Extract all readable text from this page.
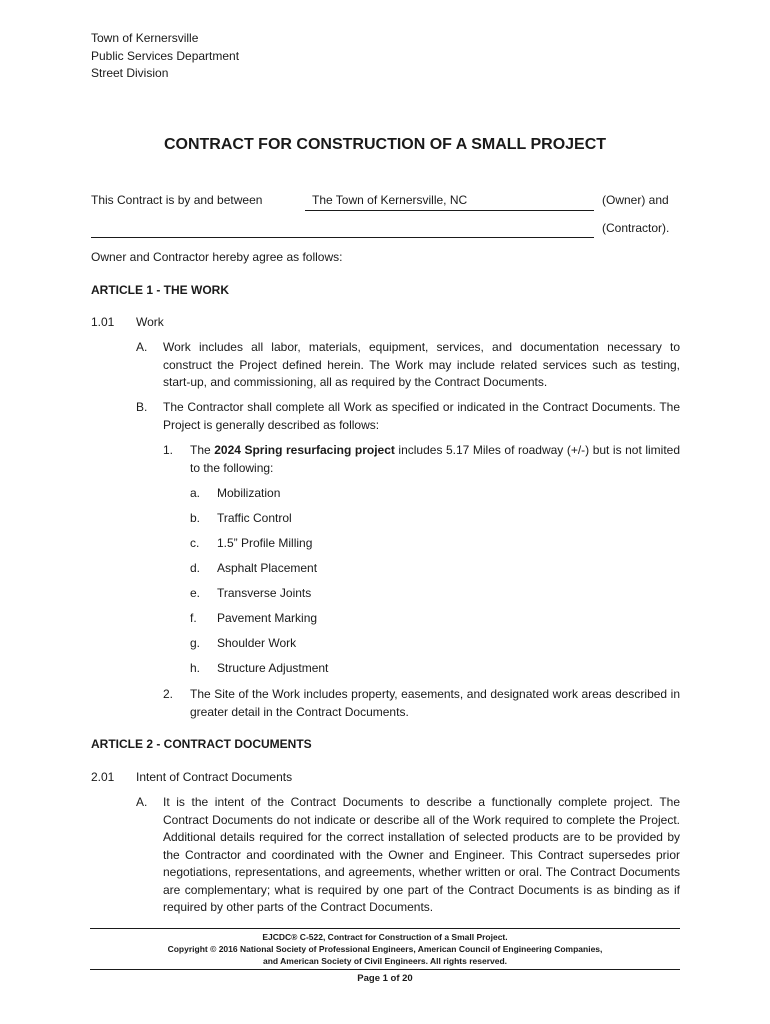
Town of Kernersville
Public Services Department
Street Division
CONTRACT FOR CONSTRUCTION OF A SMALL PROJECT
This Contract is by and between	The Town of Kernersville, NC	(Owner) and
(Contractor).
Owner and Contractor hereby agree as follows:
ARTICLE 1 - THE WORK
1.01 Work
A. Work includes all labor, materials, equipment, services, and documentation necessary to construct the Project defined herein. The Work may include related services such as testing, start-up, and commissioning, all as required by the Contract Documents.
B. The Contractor shall complete all Work as specified or indicated in the Contract Documents. The Project is generally described as follows:
1. The 2024 Spring resurfacing project includes 5.17 Miles of roadway (+/-) but is not limited to the following:
a. Mobilization
b. Traffic Control
c. 1.5” Profile Milling
d. Asphalt Placement
e. Transverse Joints
f. Pavement Marking
g. Shoulder Work
h. Structure Adjustment
2. The Site of the Work includes property, easements, and designated work areas described in greater detail in the Contract Documents.
ARTICLE 2 - CONTRACT DOCUMENTS
2.01 Intent of Contract Documents
A. It is the intent of the Contract Documents to describe a functionally complete project. The Contract Documents do not indicate or describe all of the Work required to complete the Project. Additional details required for the correct installation of selected products are to be provided by the Contractor and coordinated with the Owner and Engineer. This Contract supersedes prior negotiations, representations, and agreements, whether written or oral. The Contract Documents are complementary; what is required by one part of the Contract Documents is as binding as if required by other parts of the Contract Documents.
EJCDC® C-522, Contract for Construction of a Small Project.
Copyright © 2016 National Society of Professional Engineers, American Council of Engineering Companies,
and American Society of Civil Engineers. All rights reserved.
Page 1 of 20
